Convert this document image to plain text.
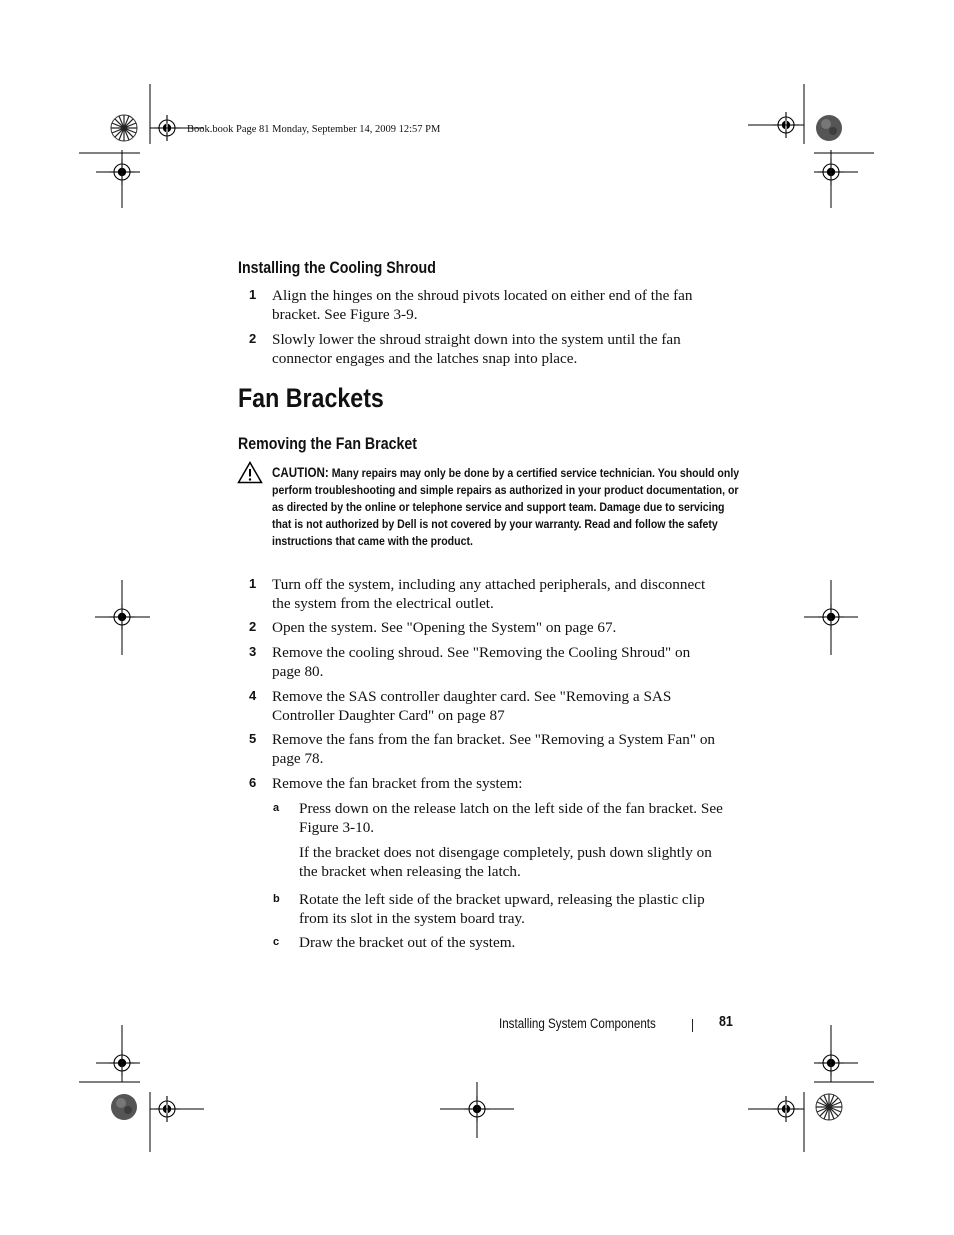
Book.book Page 81 Monday, September 14, 2009 12:57 PM
Installing the Cooling Shroud
1	Align the hinges on the shroud pivots located on either end of the fan
bracket. See Figure 3-9.
2	Slowly lower the shroud straight down into the system until the fan
connector engages and the latches snap into place.
Fan Brackets
Removing the Fan Bracket
CAUTION: Many repairs may only be done by a certified service technician. You should only perform troubleshooting and simple repairs as authorized in your product documentation, or as directed by the online or telephone service and support team. Damage due to servicing that is not authorized by Dell is not covered by your warranty. Read and follow the safety instructions that came with the product.
1	Turn off the system, including any attached peripherals, and disconnect
the system from the electrical outlet.
2	Open the system. See "Opening the System" on page 67.
3	Remove the cooling shroud. See "Removing the Cooling Shroud" on
page 80.
4	Remove the SAS controller daughter card. See "Removing a SAS
Controller Daughter Card" on page 87
5	Remove the fans from the fan bracket. See "Removing a System Fan" on
page 78.
6	Remove the fan bracket from the system:
a	Press down on the release latch on the left side of the fan bracket. See
Figure 3-10.
If the bracket does not disengage completely, push down slightly on
the bracket when releasing the latch.
b	Rotate the left side of the bracket upward, releasing the plastic clip
from its slot in the system board tray.
c	Draw the bracket out of the system.
Installing System Components	81
